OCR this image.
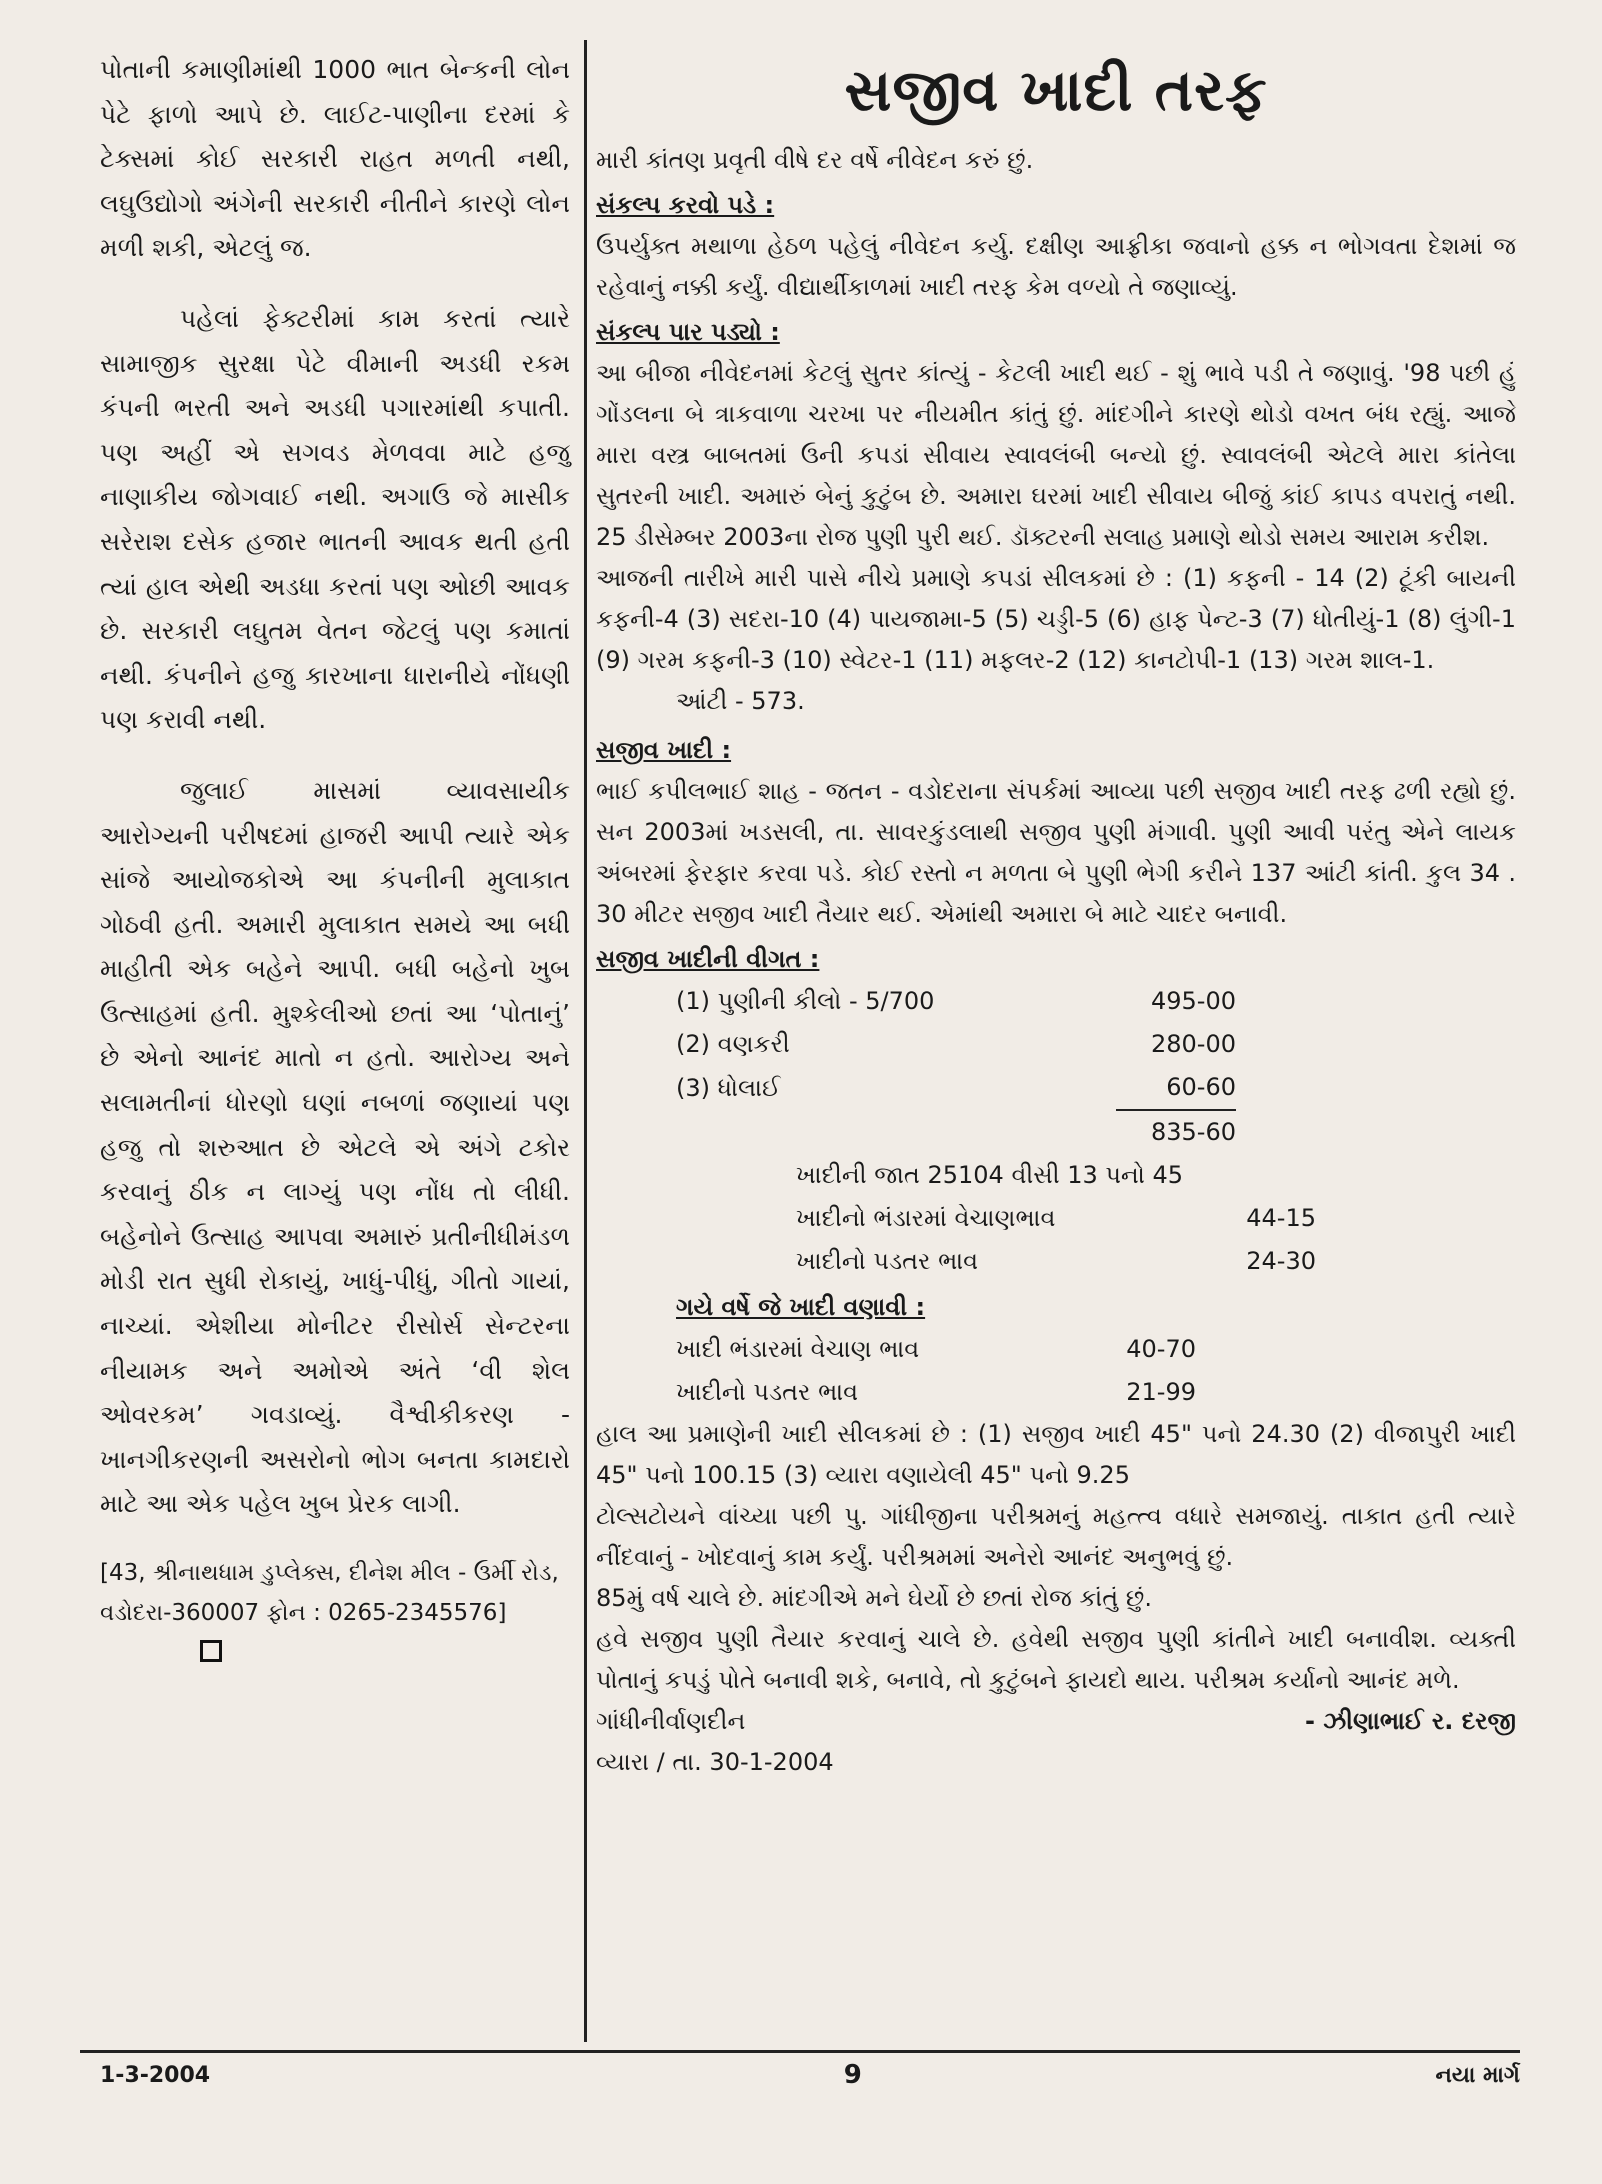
પોતાની કમાણીમાંથી 1000 ભાત બેન્કની લોન પેટે ફાળો આપે છે. લાઈટ-પાણીના દરમાં કે ટેક્સમાં કોઈ સરકારી રાહત મળતી નથી, લઘુઉદ્યોગો અંગેની સરકારી નીતીને કારણે લોન મળી શકી, એટલું જ.

પહેલાં ફેક્ટરીમાં કામ કરતાં ત્યારે સામાજીક સુરક્ષા પેટે વીમાની અડધી રકમ કંપની ભરતી અને અડધી પગારમાંથી કપાતી. પણ અહીં એ સગવડ મેળવવા માટે હજુ નાણાકીય જોગવાઈ નથી. અગાઉ જે માસીક સરેરાશ દસેક હજાર ભાતની આવક થતી હતી ત્યાં હાલ એથી અડધા કરતાં પણ ઓછી આવક છે. સરકારી લઘુતમ વેતન જેટલું પણ કમાતાં નથી. કંપનીને હજુ કારખાના ધારાનીયે નોંધણી પણ કરાવી નથી.

જુલાઈ માસમાં વ્યાવસાયીક આરોગ્યની પરીષદમાં હાજરી આપી ત્યારે એક સાંજે આયોજકોએ આ કંપનીની મુલાકાત ગોઠવી હતી. અમારી મુલાકાત સમયે આ બધી માહીતી એક બહેને આપી. બધી બહેનો ખુબ ઉત્સાહમાં હતી. મુશ્કેલીઓ છતાં આ ‘પોતાનું’ છે એનો આનંદ માતો ન હતો. આરોગ્ય અને સલામતીનાં ધોરણો ઘણાં નબળાં જણાયાં પણ હજુ તો શરુઆત છે એટલે એ અંગે ટકોર કરવાનું ઠીક ન લાગ્યું પણ નોંધ તો લીધી. બહેનોને ઉત્સાહ આપવા અમારું પ્રતીનીધીમંડળ મોડી રાત સુધી રોકાયું, ખાધું-પીધું, ગીતો ગાયાં, નાચ્યાં. એશીયા મોનીટર રીસોર્સ સેન્ટરના નીયામક અને અમોએ અંતે ‘વી શેલ ઓવરકમ’ ગવડાવ્યું. વૈશ્વીકીકરણ - ખાનગીકરણની અસરોનો ભોગ બનતા કામદારો માટે આ એક પહેલ ખુબ પ્રેરક લાગી.

[43, શ્રીનાથધામ ડુપ્લેક્સ, દીનેશ મીલ - ઉર્મી રોડ, વડોદરા-360007 ફોન : 0265-2345576]

સજીવ ખાદી તરફ

મારી કાંતણ પ્રવૃતી વીષે દર વર્ષે નીવેદન કરું છું.

સંકલ્પ કરવો પડે :

ઉપર્યુક્ત મથાળા હેઠળ પહેલું નીવેદન કર્યુ. દક્ષીણ આફ્રીકા જવાનો હક્ક ન ભોગવતા દેશમાં જ રહેવાનું નક્કી કર્યું. વીદ્યાર્થીકાળમાં ખાદી તરફ કેમ વળ્યો તે જણાવ્યું.

સંકલ્પ પાર પડ્યો :

આ બીજા નીવેદનમાં કેટલું સુતર કાંત્યું - કેટલી ખાદી થઈ - શું ભાવે પડી તે જણાવું. '98 પછી હું ગોંડલના બે ત્રાકવાળા ચરખા પર નીયમીત કાંતું છું. માંદગીને કારણે થોડો વખત બંધ રહ્યું. આજે મારા વસ્ત્ર બાબતમાં ઉની કપડાં સીવાય સ્વાવલંબી બન્યો છું. સ્વાવલંબી એટલે મારા કાંતેલા સુતરની ખાદી. અમારું બેનું કુટુંબ છે. અમારા ઘરમાં ખાદી સીવાય બીજું કાંઈ કાપડ વપરાતું નથી. 25 ડીસેમ્બર 2003ના રોજ પુણી પુરી થઈ. ડૉક્ટરની સલાહ પ્રમાણે થોડો સમય આરામ કરીશ.

આજની તારીખે મારી પાસે નીચે પ્રમાણે કપડાં સીલકમાં છે : (1) કફની - 14 (2) ટૂંકી બાયની કફની-4 (3) સદરા-10 (4) પાયજામા-5 (5) ચડ્ડી-5 (6) હાફ પેન્ટ-3 (7) ધોતીયું-1 (8) લુંગી-1 (9) ગરમ કફની-3 (10) સ્વેટર-1 (11) મફલર-2 (12) કાનટોપી-1 (13) ગરમ શાલ-1.

આંટી - 573.

સજીવ ખાદી :

ભાઈ કપીલભાઈ શાહ - જતન - વડોદરાના સંપર્કમાં આવ્યા પછી સજીવ ખાદી તરફ ઢળી રહ્યો છું. સન 2003માં ખડસલી, તા. સાવરકુંડલાથી સજીવ પુણી મંગાવી. પુણી આવી પરંતુ એને લાયક અંબરમાં ફેરફાર કરવા પડે. કોઈ રસ્તો ન મળતા બે પુણી ભેગી કરીને 137 આંટી કાંતી. કુલ 34 . 30 મીટર સજીવ ખાદી તૈયાર થઈ. એમાંથી અમારા બે માટે ચાદર બનાવી.

સજીવ ખાદીની વીગત :
(1) પુણીની કીલો - 5/700	495-00
(2) વણકરી	280-00
(3) ધોલાઈ	60-60
	835-60
ખાદીની જાત 25104 વીસી 13 પનો 45	
ખાદીનો ભંડારમાં વેચાણભાવ	44-15
ખાદીનો પડતર ભાવ	24-30
ગયે વર્ષે જે ખાદી વણાવી :
ખાદી ભંડારમાં વેચાણ ભાવ	40-70
ખાદીનો પડતર ભાવ	21-99

હાલ આ પ્રમાણેની ખાદી સીલકમાં છે : (1) સજીવ ખાદી 45" પનો 24.30 (2) વીજાપુરી ખાદી 45" પનો 100.15 (3) વ્યારા વણાયેલી 45" પનો 9.25

ટોલ્સટોયને વાંચ્યા પછી પુ. ગાંધીજીના પરીશ્રમનું મહત્ત્વ વધારે સમજાયું. તાકાત હતી ત્યારે નીંદવાનું - ખોદવાનું કામ કર્યું. પરીશ્રમમાં અનેરો આનંદ અનુભવું છું.

85મું વર્ષ ચાલે છે. માંદગીએ મને ઘેર્યો છે છતાં રોજ કાંતું છું.

હવે સજીવ પુણી તૈયાર કરવાનું ચાલે છે. હવેથી સજીવ પુણી કાંતીને ખાદી બનાવીશ. વ્યક્તી પોતાનું કપડું પોતે બનાવી શકે, બનાવે, તો કુટુંબને ફાયદો થાય. પરીશ્રમ કર્યાનો આનંદ મળે.

ગાંધીનીર્વાણદીન	- ઝીણાભાઈ ર. દરજી
વ્યારા / તા. 30-1-2004
1-3-2004	9	નયા માર્ગ
